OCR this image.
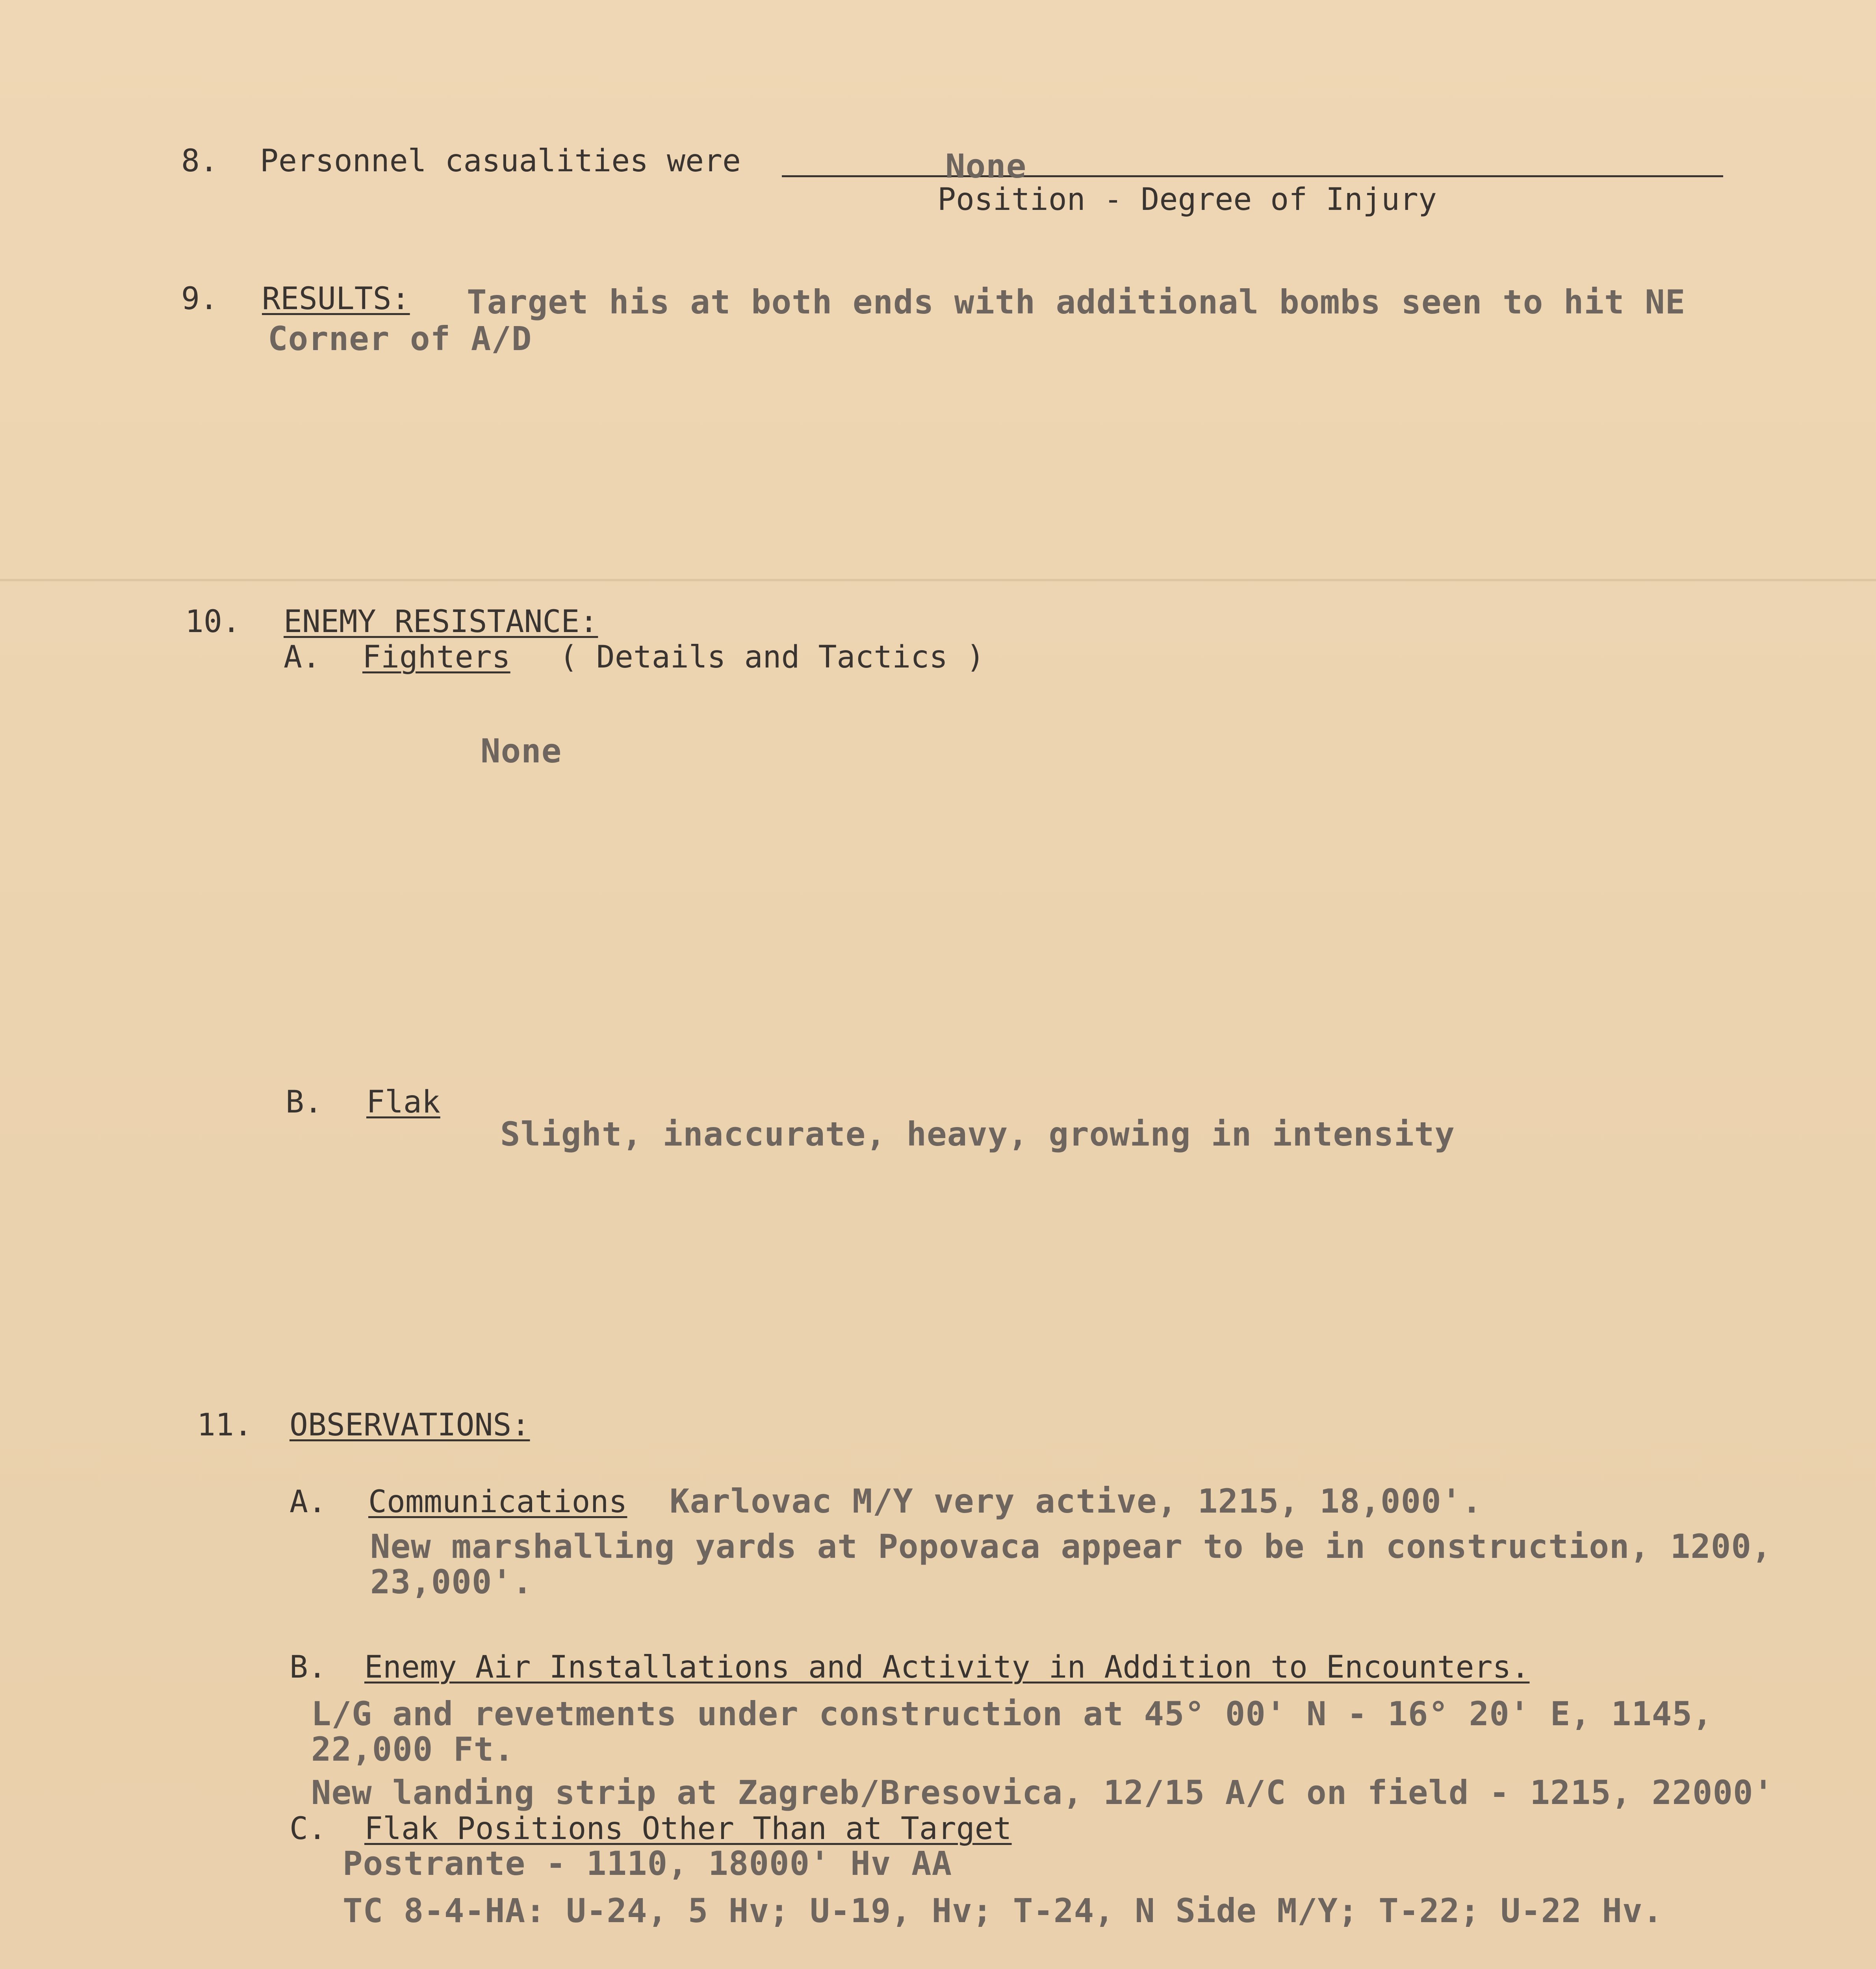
8. Personnel casualities were	None
Position - Degree of Injury
9. RESULTS: Target his at both ends with additional bombs seen to hit NE
Corner of A/D
10. ENEMY RESISTANCE:
A. Fighters ( Details and Tactics )
None
B. Flak
Slight, inaccurate, heavy, growing in intensity
11. OBSERVATIONS:
A. Communications Karlovac M/Y very active, 1215, 18,000'.
New marshalling yards at Popovaca appear to be in construction, 1200,
23,000'.
B. Enemy Air Installations and Activity in Addition to Encounters.
L/G and revetments under construction at 45° 00' N - 16° 20' E, 1145,
22,000 Ft.
New landing strip at Zagreb/Bresovica, 12/15 A/C on field - 1215, 22000'
C. Flak Positions Other Than at Target
Postrante - 1110, 18000' Hv AA
TC 8-4-HA: U-24, 5 Hv; U-19, Hv; T-24, N Side M/Y; T-22; U-22 Hv.
